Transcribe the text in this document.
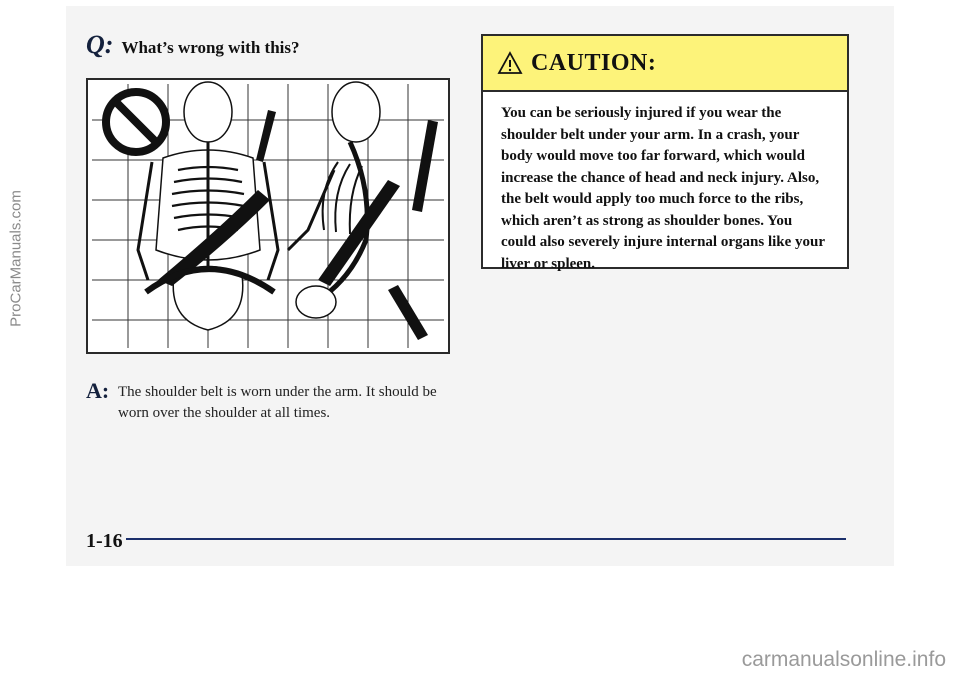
Q: What’s wrong with this?
A: The shoulder belt is worn under the arm. It should be worn over the shoulder at all times.
CAUTION:
You can be seriously injured if you wear the shoulder belt under your arm. In a crash, your body would move too far forward, which would increase the chance of head and neck injury. Also, the belt would apply too much force to the ribs, which aren’t as strong as shoulder bones. You could also severely injure internal organs like your liver or spleen.
1-16
ProCarManuals.com
carmanualsonline.info
